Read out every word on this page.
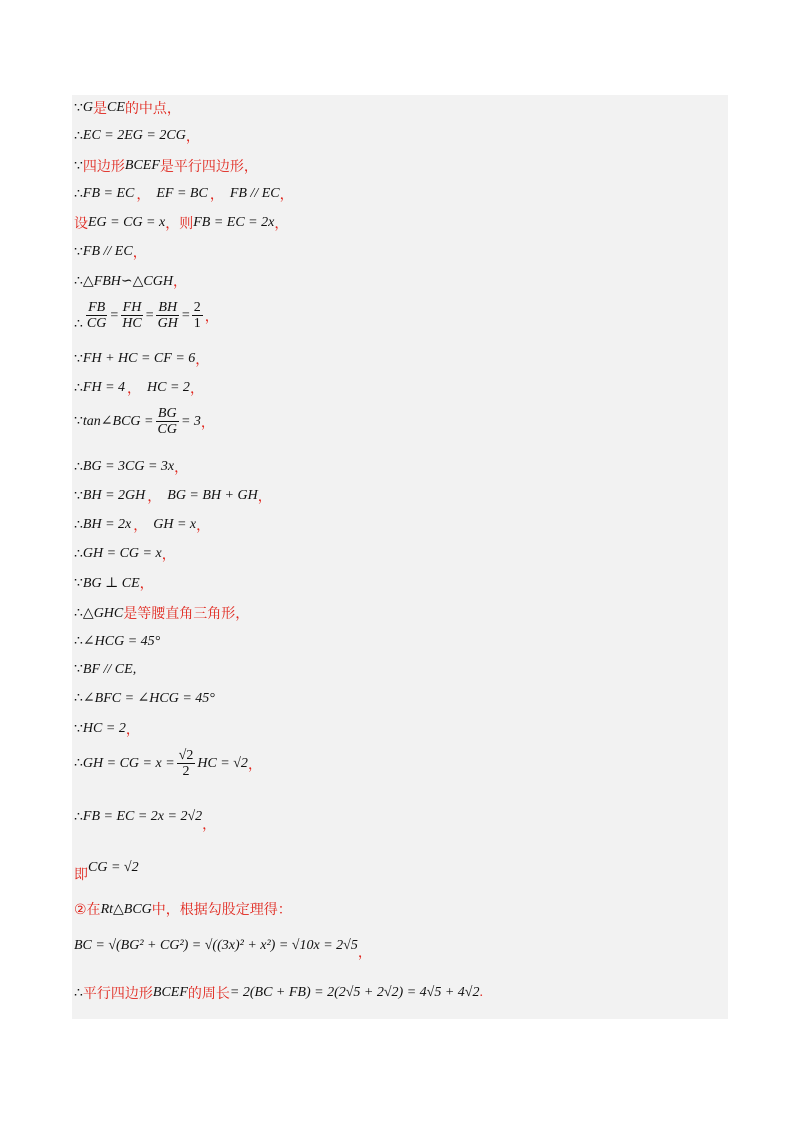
∵ G 是 CE 的中点，
∴ EC = 2EG = 2CG ，
∵ 四边形 BCEF 是平行四边形，
∴ FB = EC ， EF = BC ， FB // EC ，
设 EG = CG = x ，则 FB = EC = 2x ，
∵ FB // EC ，
∴ △FBH∽△CGH ，
∴ $\frac{FB}{CG} = \frac{FH}{HC} = \frac{BH}{GH} = \frac{2}{1}$ ，
∵ FH + HC = CF = 6 ，
∴ FH = 4 ， HC = 2 ，
∵ tan∠BCG = $\frac{BG}{CG} = 3$ ，
∴ BG = 3CG = 3x ，
∵ BH = 2GH ， BG = BH + GH ，
∴ BH = 2x ， GH = x ，
∴ GH = CG = x ，
∵ BG ⊥ CE ，
∴ △GHC 是等腰直角三角形，
∴ ∠HCG = 45°
∵ BF // CE,
∴ ∠BFC = ∠HCG = 45°
∵ HC = 2 ，
∴ GH = CG = $x = \frac{√2}{2}$ HC = √2 ，
∴ FB = EC = 2x = 2√2
，
即 CG = √2
②在 Rt△BCG 中，根据勾股定理得：
BC = √(BG² + CG²) = √((3x)² + x²) = √10x = 2√5
，
∴ 平行四边形 BCEF 的周长 = 2(BC + FB) = 2(2√5 + 2√2) = 4√5 + 4√2 .
